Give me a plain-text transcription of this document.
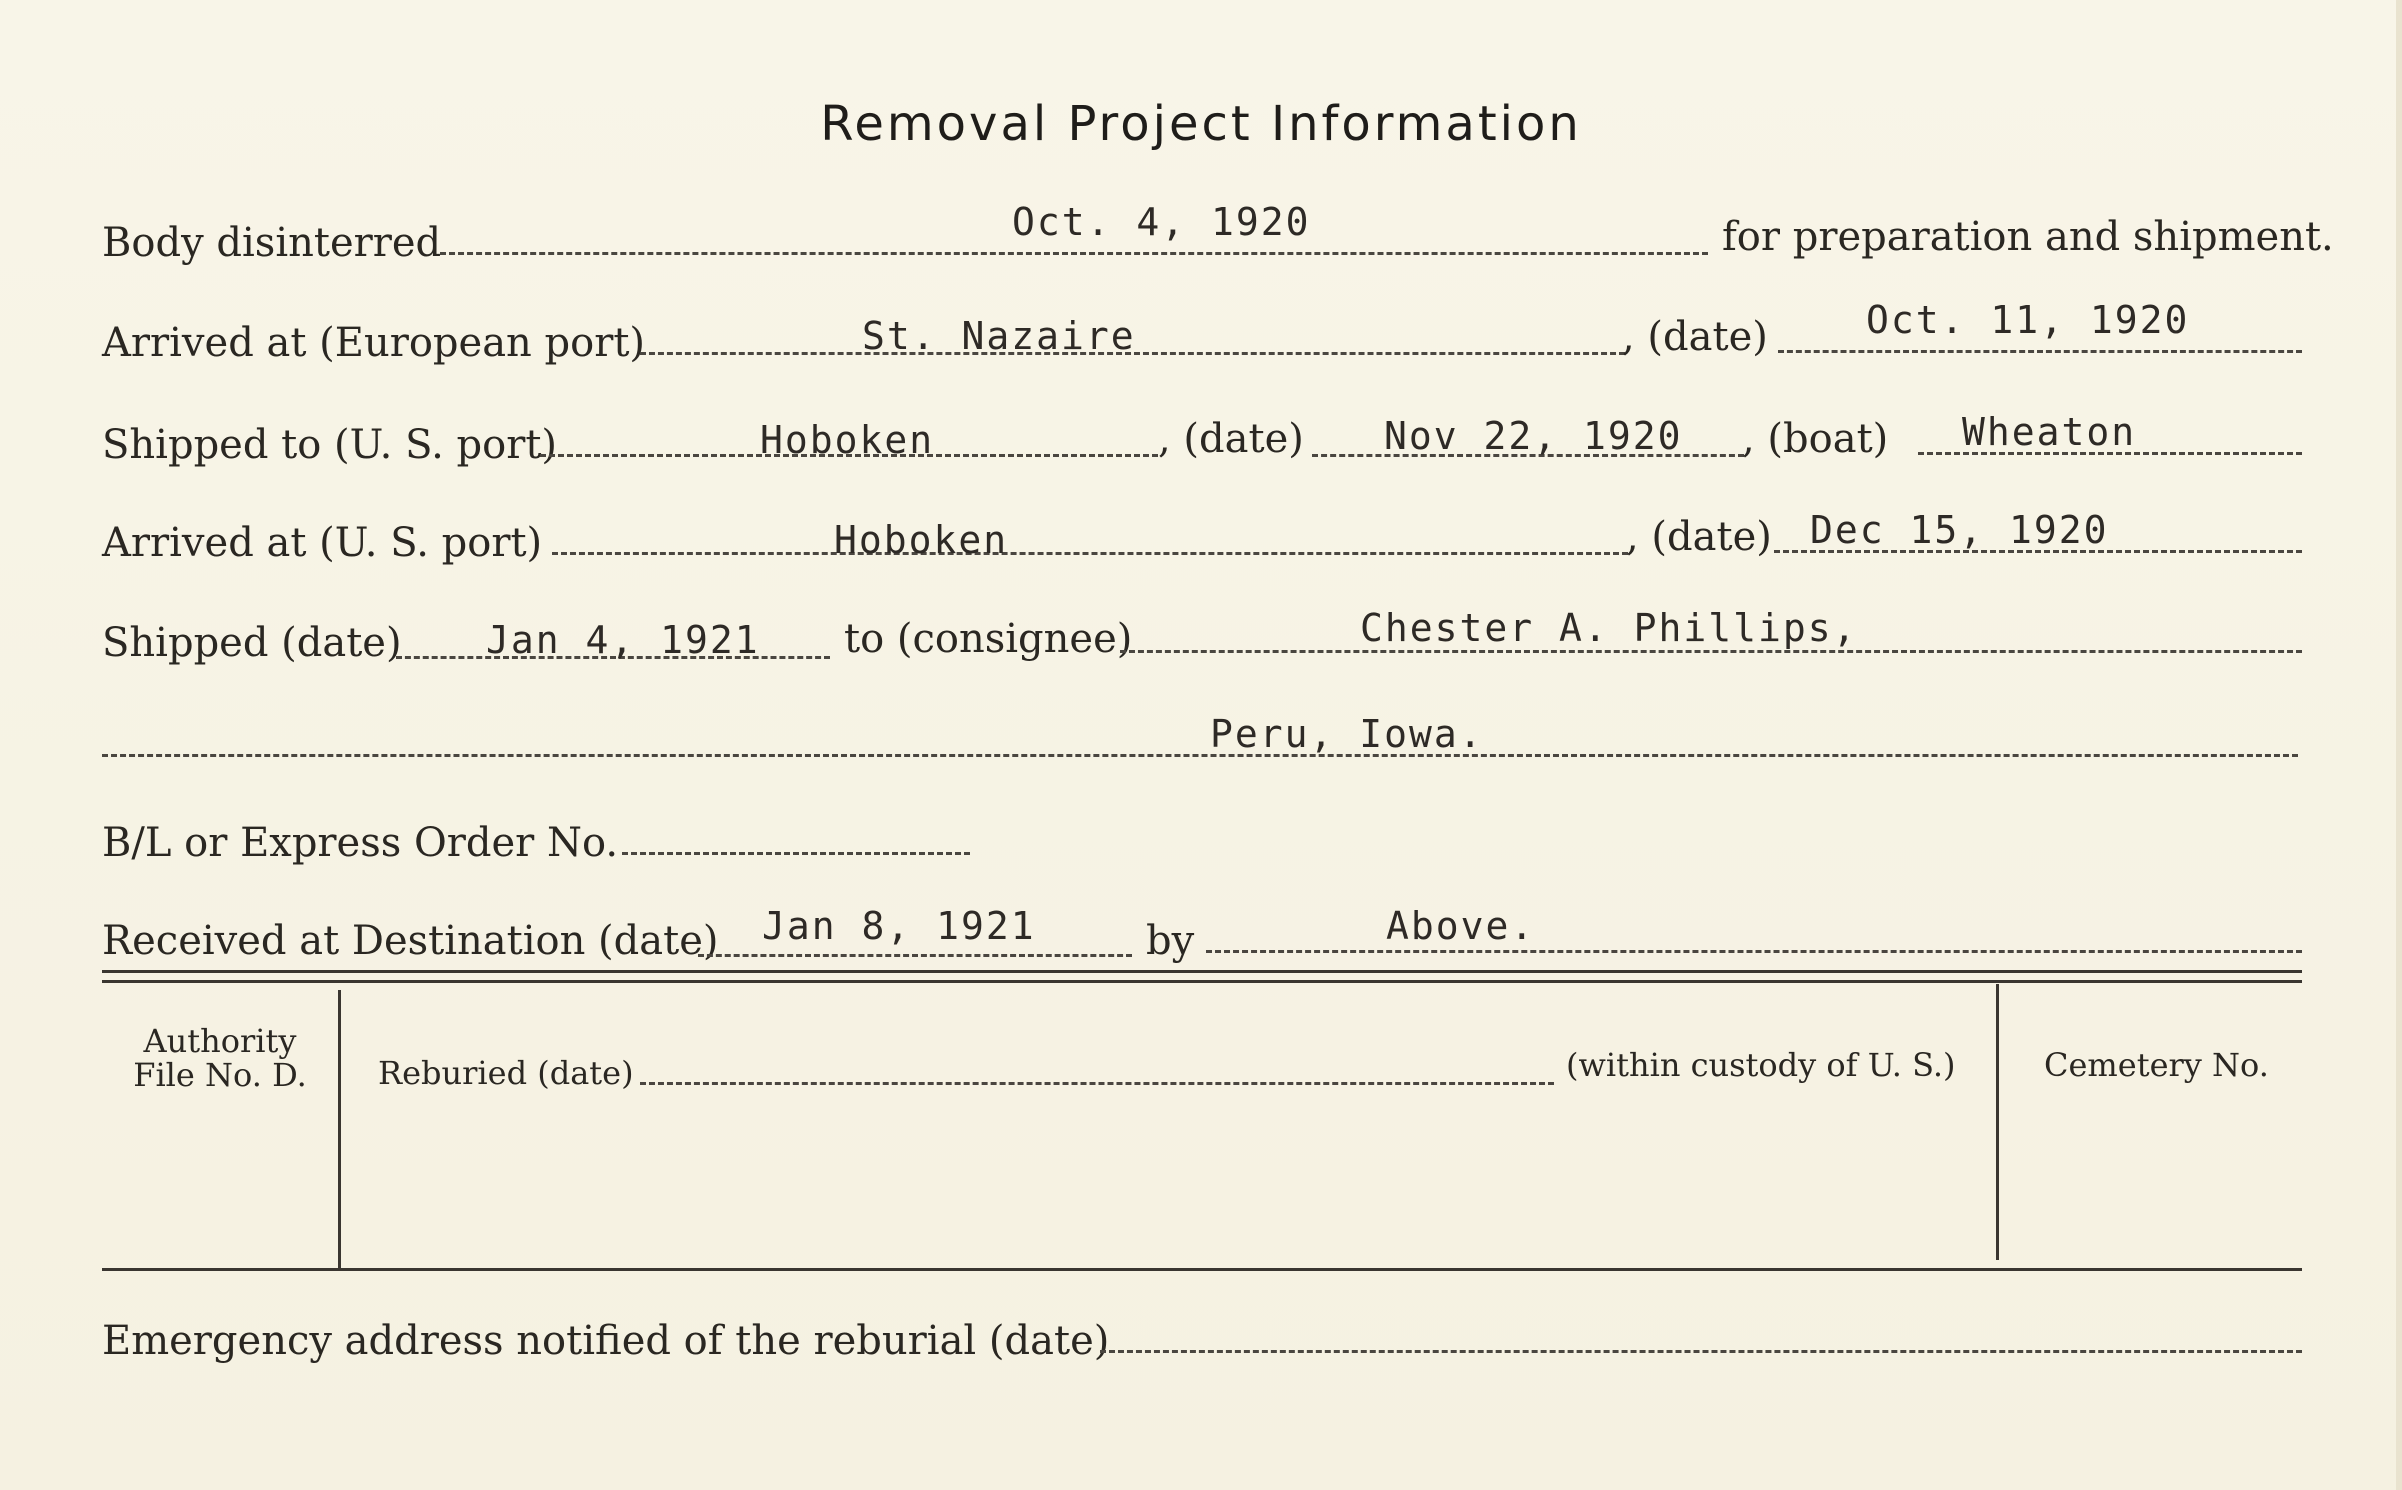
Removal Project Information
Body disinterred	Oct. 4, 1920	for preparation and shipment.
Arrived at (European port)	St. Nazaire	, (date)	Oct. 11, 1920
Shipped to (U. S. port)	Hoboken	, (date) Nov 22, 1920 , (boat) Wheaton
Arrived at (U. S. port)	Hoboken	, (date) Dec 15, 1920
Shipped (date) Jan 4, 1921 to (consignee)	Chester A. Phillips,
Peru, Iowa.
B/L or Express Order No.
Received at Destination (date) Jan 8, 1921	by	Above.
Authority
File No. D.	Reburied (date)	(within custody of U. S.)	Cemetery No.
Emergency address notified of the reburial (date)
